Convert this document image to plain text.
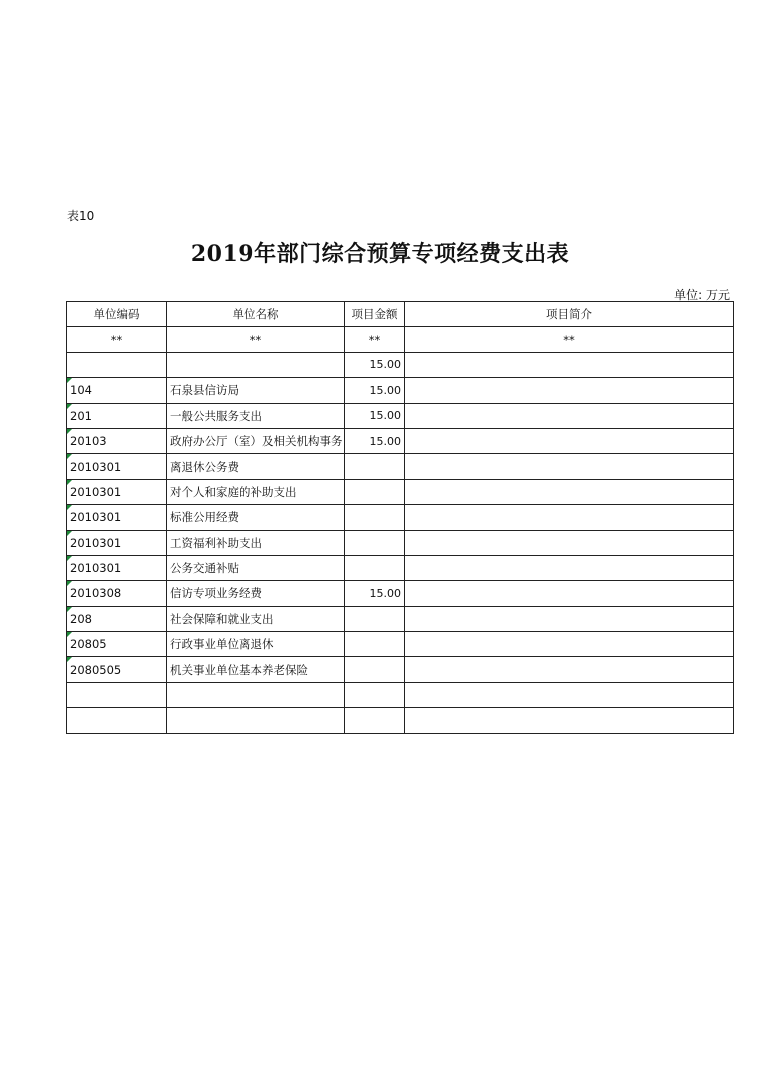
表10
2019年部门综合预算专项经费支出表
单位: 万元
单位编码	单位名称	项目金额	项目简介
**	**	**	**
		15.00	
104	石泉县信访局	15.00	
201	一般公共服务支出	15.00	
20103	政府办公厅（室）及相关机构事务	15.00	
2010301	离退休公务费		
2010301	对个人和家庭的补助支出		
2010301	标准公用经费		
2010301	工资福利补助支出		
2010301	公务交通补贴		
2010308	信访专项业务经费	15.00	
208	社会保障和就业支出		
20805	行政事业单位离退休		
2080505	机关事业单位基本养老保险		
